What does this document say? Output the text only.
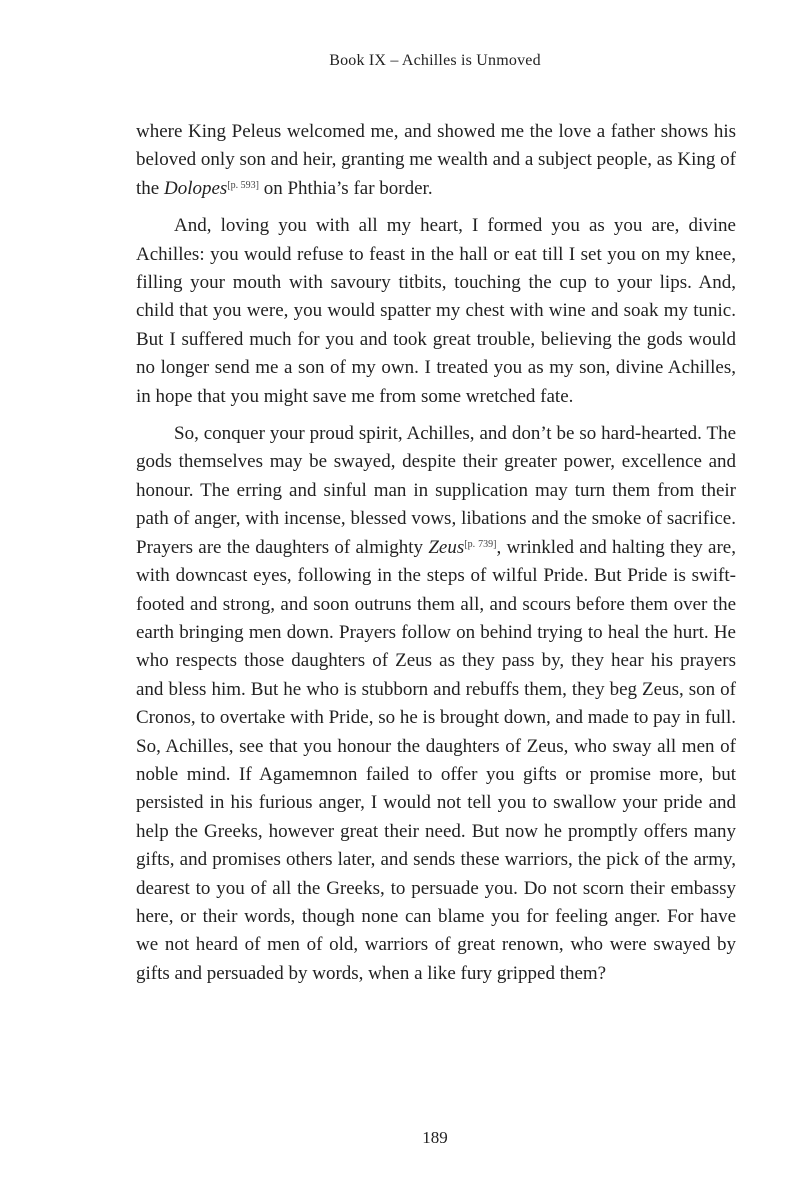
Book IX – Achilles is Unmoved

where King Peleus welcomed me, and showed me the love a father shows his beloved only son and heir, granting me wealth and a subject people, as King of the Dolopes[p. 593] on Phthia’s far border.

And, loving you with all my heart, I formed you as you are, divine Achilles: you would refuse to feast in the hall or eat till I set you on my knee, filling your mouth with savoury titbits, touching the cup to your lips. And, child that you were, you would spatter my chest with wine and soak my tunic. But I suffered much for you and took great trouble, believing the gods would no longer send me a son of my own. I treated you as my son, divine Achilles, in hope that you might save me from some wretched fate.

So, conquer your proud spirit, Achilles, and don’t be so hard-hearted. The gods themselves may be swayed, despite their greater power, excellence and honour. The erring and sinful man in supplication may turn them from their path of anger, with incense, blessed vows, libations and the smoke of sacrifice. Prayers are the daughters of almighty Zeus[p. 739], wrinkled and halting they are, with downcast eyes, following in the steps of wilful Pride. But Pride is swift-footed and strong, and soon outruns them all, and scours before them over the earth bringing men down. Prayers follow on behind trying to heal the hurt. He who respects those daughters of Zeus as they pass by, they hear his prayers and bless him. But he who is stubborn and rebuffs them, they beg Zeus, son of Cronos, to overtake with Pride, so he is brought down, and made to pay in full. So, Achilles, see that you honour the daughters of Zeus, who sway all men of noble mind. If Agamemnon failed to offer you gifts or promise more, but persisted in his furious anger, I would not tell you to swallow your pride and help the Greeks, however great their need. But now he promptly offers many gifts, and promises others later, and sends these warriors, the pick of the army, dearest to you of all the Greeks, to persuade you. Do not scorn their embassy here, or their words, though none can blame you for feeling anger. For have we not heard of men of old, warriors of great renown, who were swayed by gifts and persuaded by words, when a like fury gripped them?

189
